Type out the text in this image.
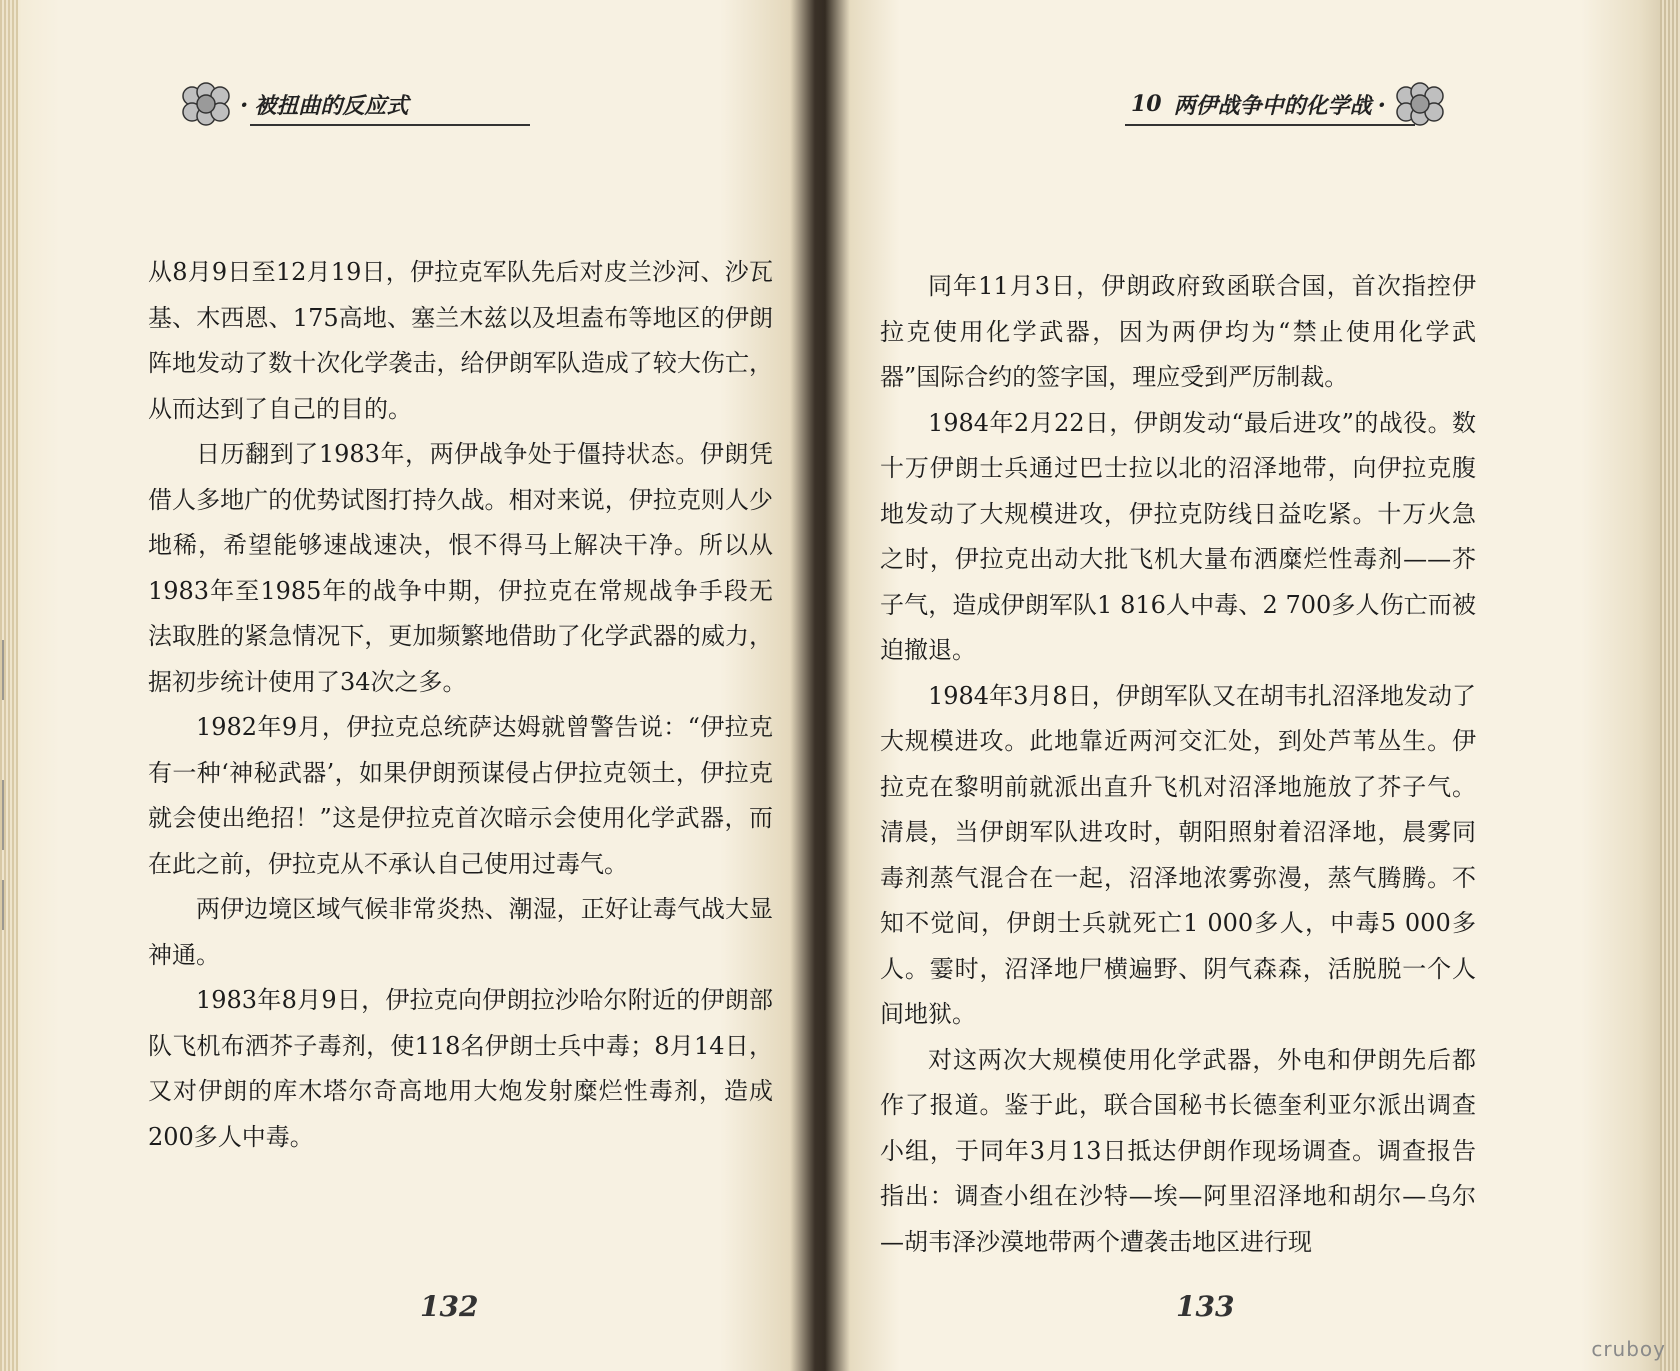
· 被扭曲的反应式

从8月9日至12月19日，伊拉克军队先后对皮兰沙河、沙瓦基、木西恩、175高地、塞兰木兹以及坦盍布等地区的伊朗阵地发动了数十次化学袭击，给伊朗军队造成了较大伤亡，从而达到了自己的目的。

日历翻到了1983年，两伊战争处于僵持状态。伊朗凭借人多地广的优势试图打持久战。相对来说，伊拉克则人少地稀，希望能够速战速决，恨不得马上解决干净。所以从1983年至1985年的战争中期，伊拉克在常规战争手段无法取胜的紧急情况下，更加频繁地借助了化学武器的威力，据初步统计使用了34次之多。

1982年9月，伊拉克总统萨达姆就曾警告说：“伊拉克有一种‘神秘武器’，如果伊朗预谋侵占伊拉克领土，伊拉克就会使出绝招！”这是伊拉克首次暗示会使用化学武器，而在此之前，伊拉克从不承认自己使用过毒气。

两伊边境区域气候非常炎热、潮湿，正好让毒气战大显神通。

1983年8月9日，伊拉克向伊朗拉沙哈尔附近的伊朗部队飞机布洒芥子毒剂，使118名伊朗士兵中毒；8月14日，又对伊朗的库木塔尔奇高地用大炮发射糜烂性毒剂，造成200多人中毒。

132
10 两伊战争中的化学战 ·

同年11月3日，伊朗政府致函联合国，首次指控伊拉克使用化学武器，因为两伊均为“禁止使用化学武器”国际合约的签字国，理应受到严厉制裁。

1984年2月22日，伊朗发动“最后进攻”的战役。数十万伊朗士兵通过巴士拉以北的沼泽地带，向伊拉克腹地发动了大规模进攻，伊拉克防线日益吃紧。十万火急之时，伊拉克出动大批飞机大量布洒糜烂性毒剂——芥子气，造成伊朗军队1 816人中毒、2 700多人伤亡而被迫撤退。

1984年3月8日，伊朗军队又在胡韦扎沼泽地发动了大规模进攻。此地靠近两河交汇处，到处芦苇丛生。伊拉克在黎明前就派出直升飞机对沼泽地施放了芥子气。清晨，当伊朗军队进攻时，朝阳照射着沼泽地，晨雾同毒剂蒸气混合在一起，沼泽地浓雾弥漫，蒸气腾腾。不知不觉间，伊朗士兵就死亡1 000多人，中毒5 000多人。霎时，沼泽地尸横遍野、阴气森森，活脱脱一个人间地狱。

对这两次大规模使用化学武器，外电和伊朗先后都作了报道。鉴于此，联合国秘书长德奎利亚尔派出调查小组，于同年3月13日抵达伊朗作现场调查。调查报告指出：调查小组在沙特—埃—阿里沼泽地和胡尔—乌尔—胡韦泽沙漠地带两个遭袭击地区进行现

133
cruboy
